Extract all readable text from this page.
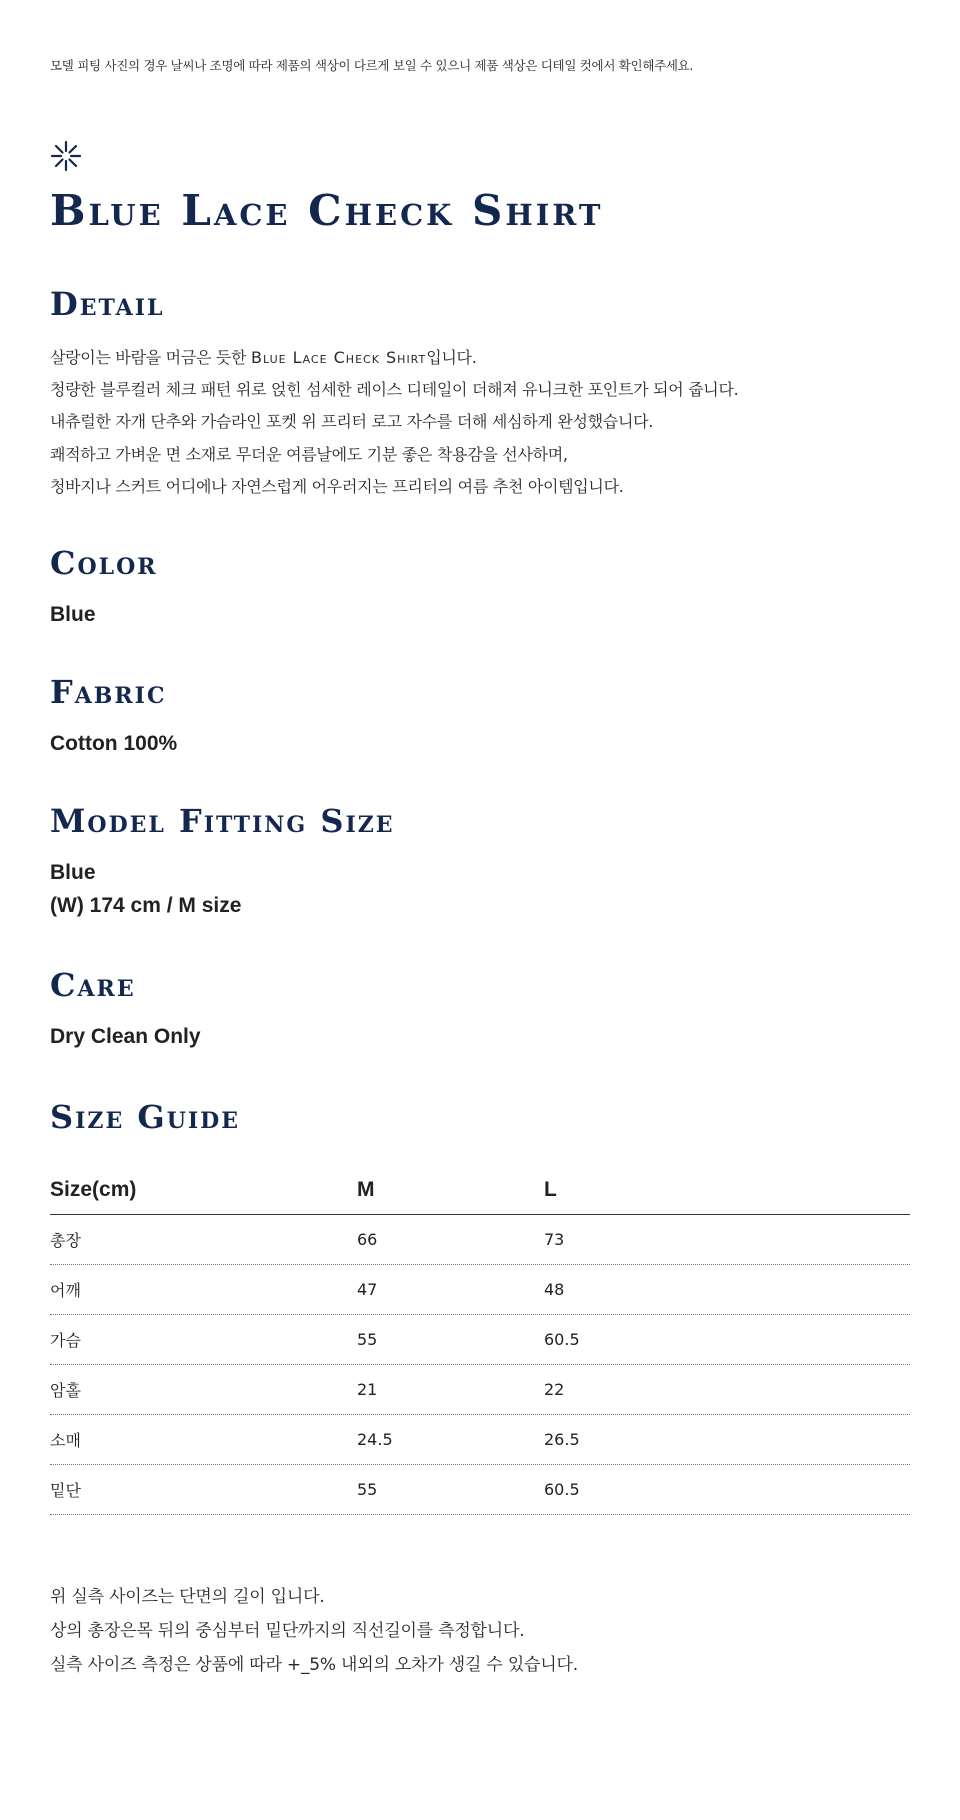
모델 피팅 사진의 경우 날씨나 조명에 따라 제품의 색상이 다르게 보일 수 있으니 제품 색상은 디테일 컷에서 확인해주세요.
Blue Lace Check Shirt
Detail
살랑이는 바람을 머금은 듯한 Blue Lace Check Shirt입니다.
청량한 블루컬러 체크 패턴 위로 얹힌 섬세한 레이스 디테일이 더해져 유니크한 포인트가 되어 줍니다.
내츄럴한 자개 단추와 가슴라인 포켓 위 프리터 로고 자수를 더해 세심하게 완성했습니다.
쾌적하고 가벼운 면 소재로 무더운 여름날에도 기분 좋은 착용감을 선사하며,
청바지나 스커트 어디에나 자연스럽게 어우러지는 프리터의 여름 추천 아이템입니다.
Color
Blue
Fabric
Cotton 100%
Model Fitting Size
Blue
(W) 174 cm / M size
Care
Dry Clean Only
Size Guide
Size(cm)	M	L
총장	66	73
어깨	47	48
가슴	55	60.5
암홀	21	22
소매	24.5	26.5
밑단	55	60.5
위 실측 사이즈는 단면의 길이 입니다.
상의 총장은목 뒤의 중심부터 밑단까지의 직선길이를 측정합니다.
실측 사이즈 측정은 상품에 따라 +_5% 내외의 오차가 생길 수 있습니다.
